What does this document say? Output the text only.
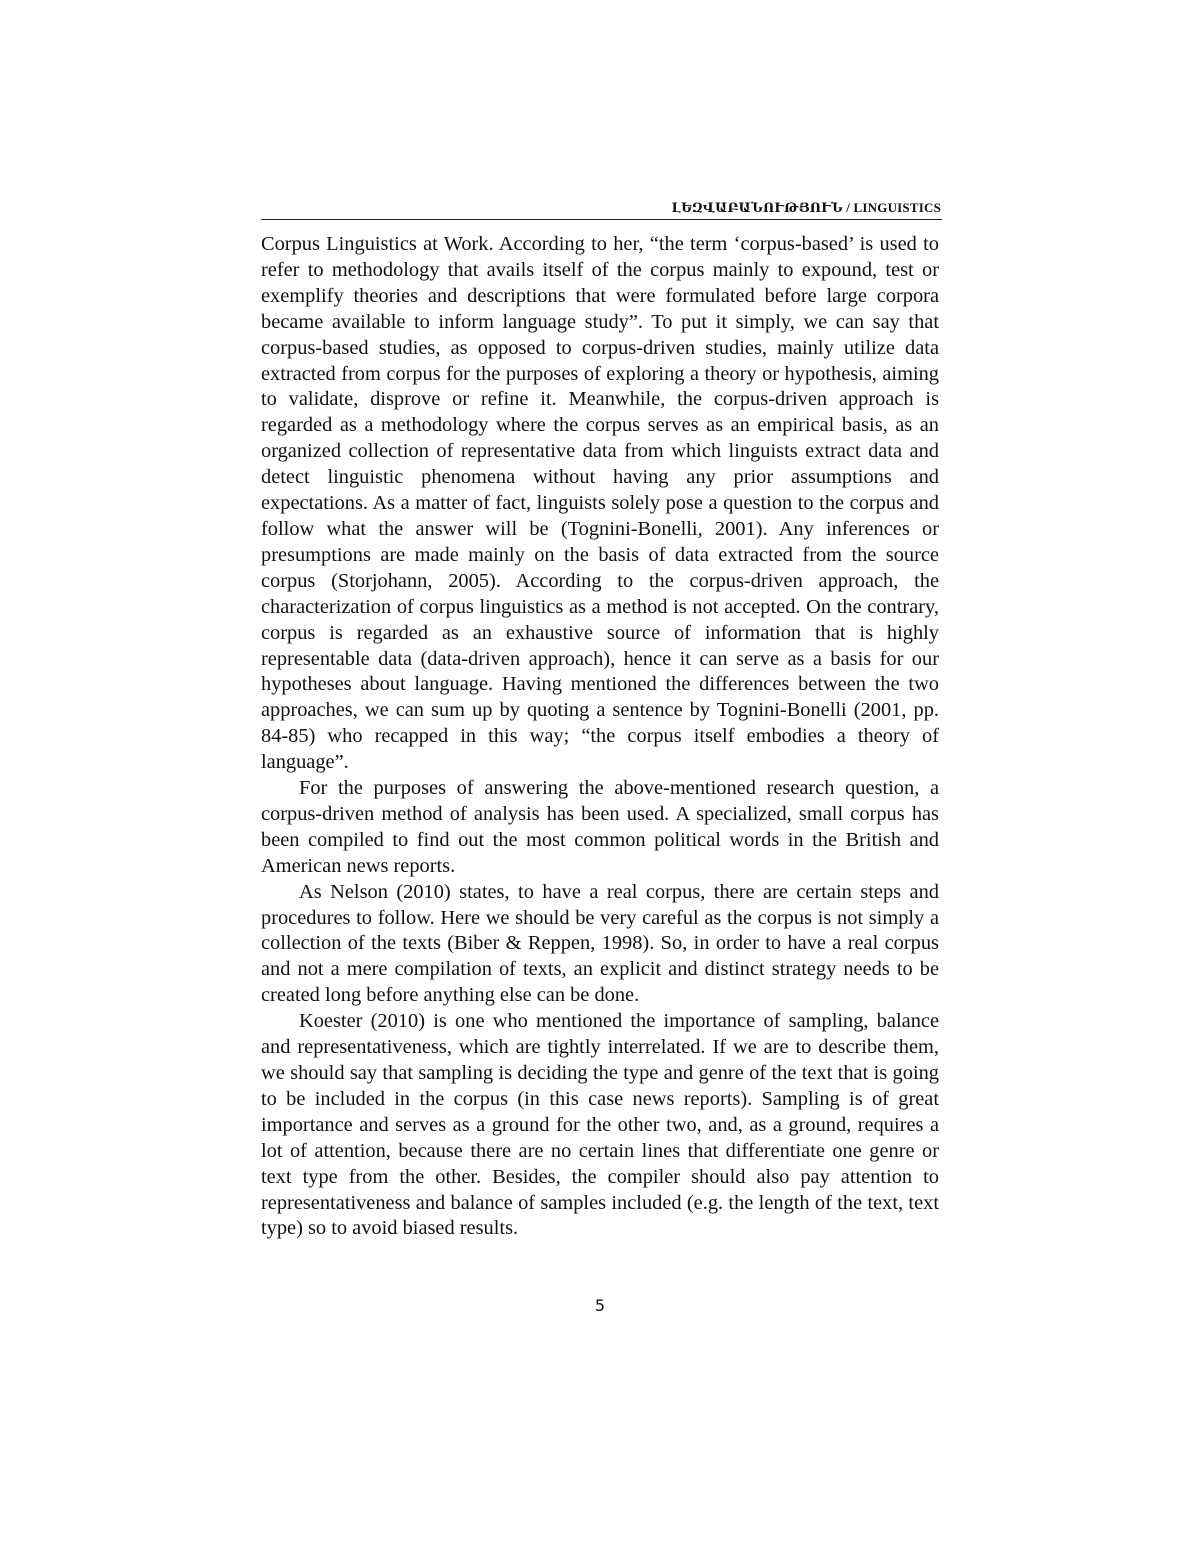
ԼԵԶՎԱԲԱՆՈՒԹՅՈՒՆ / LINGUISTICS

Corpus Linguistics at Work. According to her, “the term ‘corpus-based’ is used to refer to methodology that avails itself of the corpus mainly to expound, test or exemplify theories and descriptions that were formulated before large corpora became available to inform language study”. To put it simply, we can say that corpus-based studies, as opposed to corpus-driven studies, mainly utilize data extracted from corpus for the purposes of exploring a theory or hypothesis, aiming to validate, disprove or refine it. Meanwhile, the corpus-driven approach is regarded as a methodology where the corpus serves as an empirical basis, as an organized collection of representative data from which linguists extract data and detect linguistic phenomena without having any prior assumptions and expectations. As a matter of fact, linguists solely pose a question to the corpus and follow what the answer will be (Tognini-Bonelli, 2001). Any inferences or presumptions are made mainly on the basis of data extracted from the source corpus (Storjohann, 2005). According to the corpus-driven approach, the characterization of corpus linguistics as a method is not accepted. On the contrary, corpus is regarded as an exhaustive source of information that is highly representable data (data-driven approach), hence it can serve as a basis for our hypotheses about language. Having mentioned the differences between the two approaches, we can sum up by quoting a sentence by Tognini-Bonelli (2001, pp. 84-85) who recapped in this way; “the corpus itself embodies a theory of language”.

For the purposes of answering the above-mentioned research question, a corpus-driven method of analysis has been used. A specialized, small corpus has been compiled to find out the most common political words in the British and American news reports.

As Nelson (2010) states, to have a real corpus, there are certain steps and procedures to follow. Here we should be very careful as the corpus is not simply a collection of the texts (Biber & Reppen, 1998). So, in order to have a real corpus and not a mere compilation of texts, an explicit and distinct strategy needs to be created long before anything else can be done.

Koester (2010) is one who mentioned the importance of sampling, balance and representativeness, which are tightly interrelated. If we are to describe them, we should say that sampling is deciding the type and genre of the text that is going to be included in the corpus (in this case news reports). Sampling is of great importance and serves as a ground for the other two, and, as a ground, requires a lot of attention, because there are no certain lines that differentiate one genre or text type from the other. Besides, the compiler should also pay attention to representativeness and balance of samples included (e.g. the length of the text, text type) so to avoid biased results.

5
